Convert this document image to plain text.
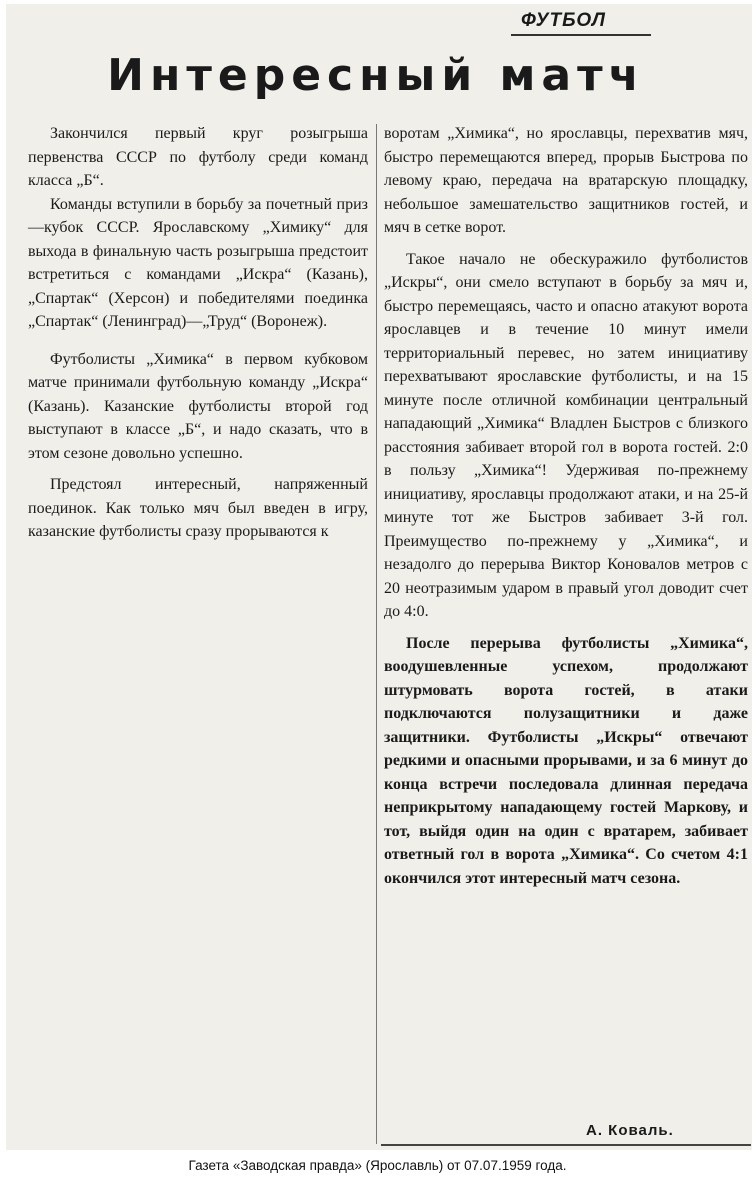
ФУТБОЛ
Интересный матч

Закончился первый круг розыгрыша первенства СССР по футболу среди команд класса „Б“.

Команды вступили в борьбу за почетный приз—кубок СССР. Ярославскому „Химику“ для выхода в финальную часть розыгрыша предстоит встретиться с командами „Искра“ (Казань), „Спартак“ (Херсон) и победителями поединка „Спартак“ (Ленинград)—„Труд“ (Воронеж).

Футболисты „Химика“ в первом кубковом матче принимали футбольную команду „Искра“ (Казань). Казанские футболисты второй год выступают в классе „Б“, и надо сказать, что в этом сезоне довольно успешно.

Предстоял интересный, напряженный поединок. Как только мяч был введен в игру, казанские футболисты сразу прорываются к

воротам „Химика“, но ярославцы, перехватив мяч, быстро перемещаются вперед, прорыв Быстрова по левому краю, передача на вратарскую площадку, небольшое замешательство защитников гостей, и мяч в сетке ворот.

Такое начало не обескуражило футболистов „Искры“, они смело вступают в борьбу за мяч и, быстро перемещаясь, часто и опасно атакуют ворота ярославцев и в течение 10 минут имели территориальный перевес, но затем инициативу перехватывают ярославские футболисты, и на 15 минуте после отличной комбинации центральный нападающий „Химика“ Владлен Быстров с близкого расстояния забивает второй гол в ворота гостей. 2:0 в пользу „Химика“! Удерживая по-прежнему инициативу, ярославцы продолжают атаки, и на 25-й минуте тот же Быстров забивает 3-й гол. Преимущество по-прежнему у „Химика“, и незадолго до перерыва Виктор Коновалов метров с 20 неотразимым ударом в правый угол доводит счет до 4:0.

После перерыва футболисты „Химика“, воодушевленные успехом, продолжают штурмовать ворота гостей, в атаки подключаются полузащитники и даже защитники. Футболисты „Искры“ отвечают редкими и опасными прорывами, и за 6 минут до конца встречи последовала длинная передача неприкрытому нападающему гостей Маркову, и тот, выйдя один на один с вратарем, забивает ответный гол в ворота „Химика“. Со счетом 4:1 окончился этот интересный матч сезона.

А. Коваль.

Газета «Заводская правда» (Ярославль) от 07.07.1959 года.
